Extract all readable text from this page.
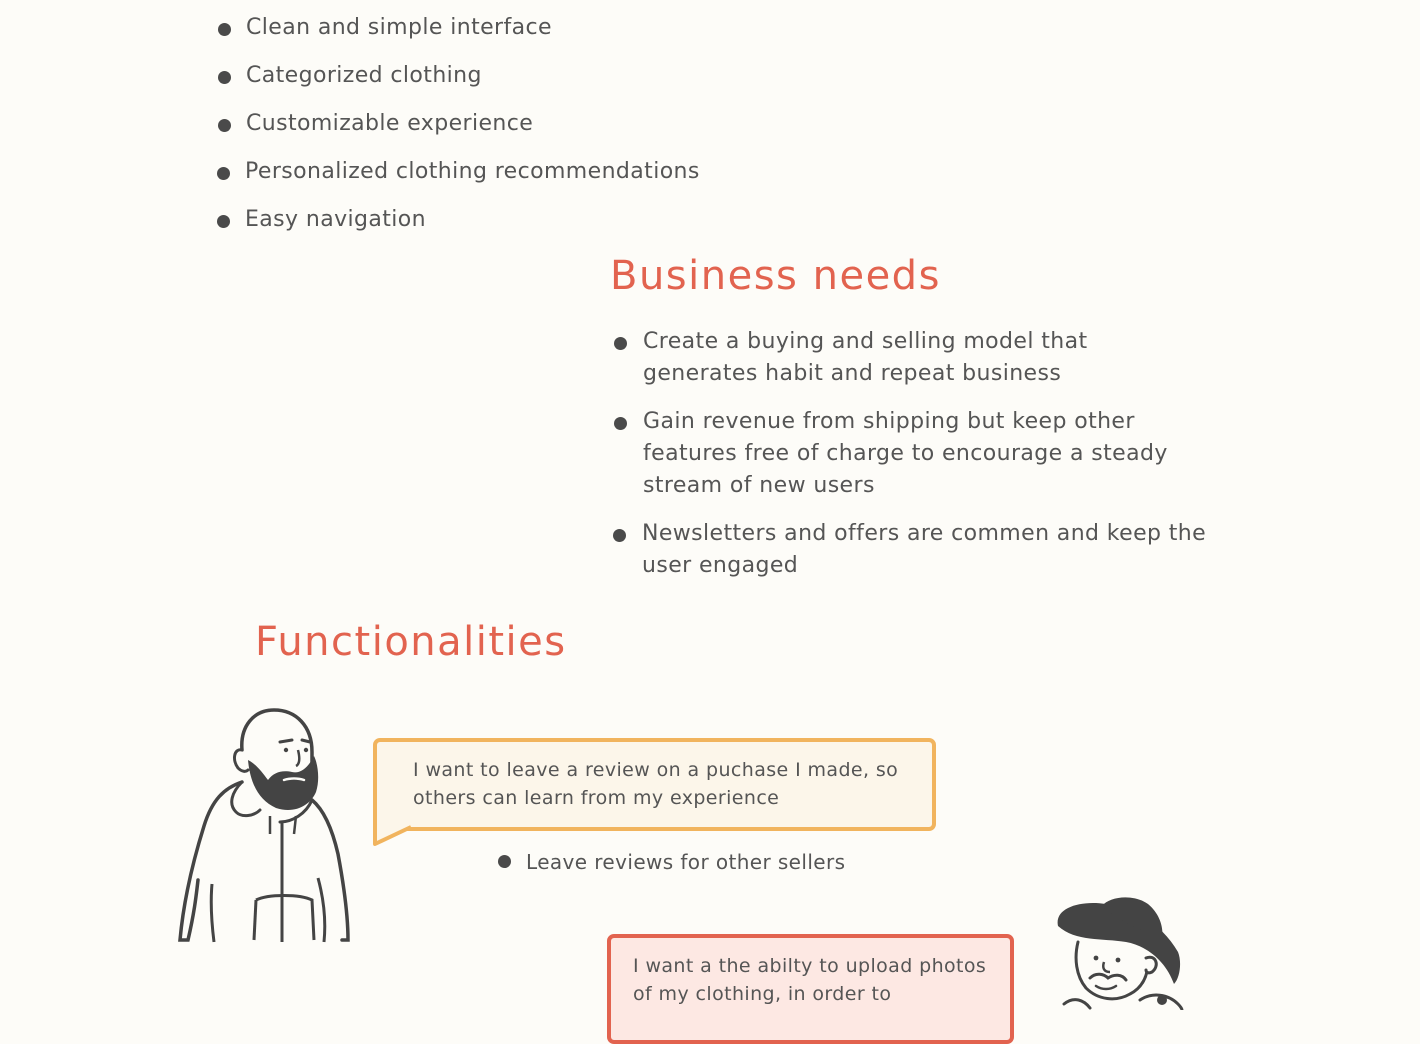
Clean and simple interface
Categorized clothing
Customizable experience
Personalized clothing recommendations
Easy navigation
Business needs
Create a buying and selling model that generates habit and repeat business
Gain revenue from shipping but keep other features free of charge to encourage a steady stream of new users
Newsletters and offers are commen and keep the user engaged
Functionalities
I want to leave a review on a puchase I made, so others can learn from my experience
Leave reviews for other sellers
I want a the abilty to upload photos of my clothing, in order to
